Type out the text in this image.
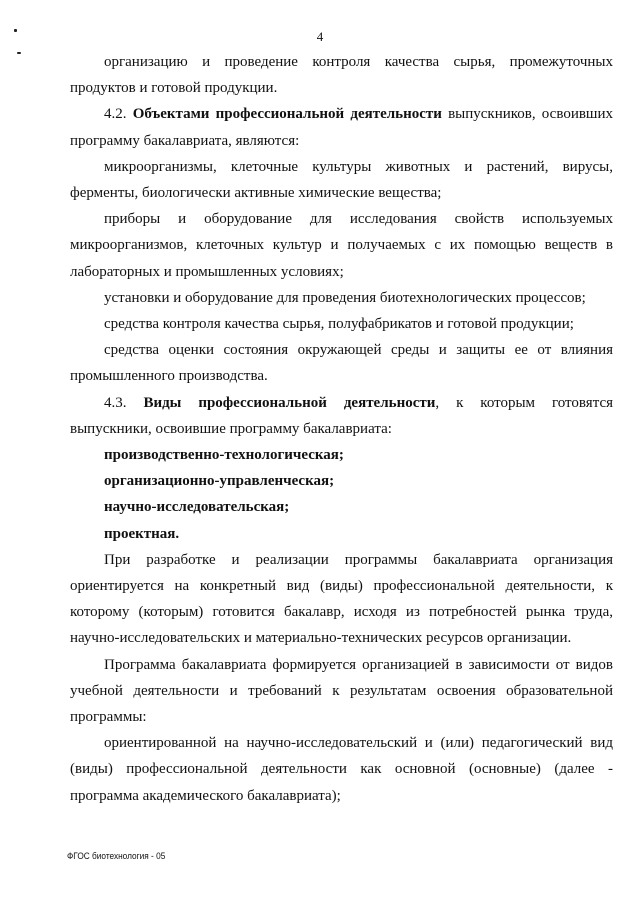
4

организацию и проведение контроля качества сырья, промежуточных продуктов и готовой продукции.

4.2. Объектами профессиональной деятельности выпускников, освоивших программу бакалавриата, являются:

микроорганизмы, клеточные культуры животных и растений, вирусы, ферменты, биологически активные химические вещества;

приборы и оборудование для исследования свойств используемых микроорганизмов, клеточных культур и получаемых с их помощью веществ в лабораторных и промышленных условиях;

установки и оборудование для проведения биотехнологических процессов;

средства контроля качества сырья, полуфабрикатов и готовой продукции;

средства оценки состояния окружающей среды и защиты ее от влияния промышленного производства.

4.3. Виды профессиональной деятельности, к которым готовятся выпускники, освоившие программу бакалавриата:

производственно-технологическая;

организационно-управленческая;

научно-исследовательская;

проектная.

При разработке и реализации программы бакалавриата организация ориентируется на конкретный вид (виды) профессиональной деятельности, к которому (которым) готовится бакалавр, исходя из потребностей рынка труда, научно-исследовательских и материально-технических ресурсов организации.

Программа бакалавриата формируется организацией в зависимости от видов учебной деятельности и требований к результатам освоения образовательной программы:

ориентированной на научно-исследовательский и (или) педагогический вид (виды) профессиональной деятельности как основной (основные) (далее - программа академического бакалавриата);

ФГОС биотехнология - 05
